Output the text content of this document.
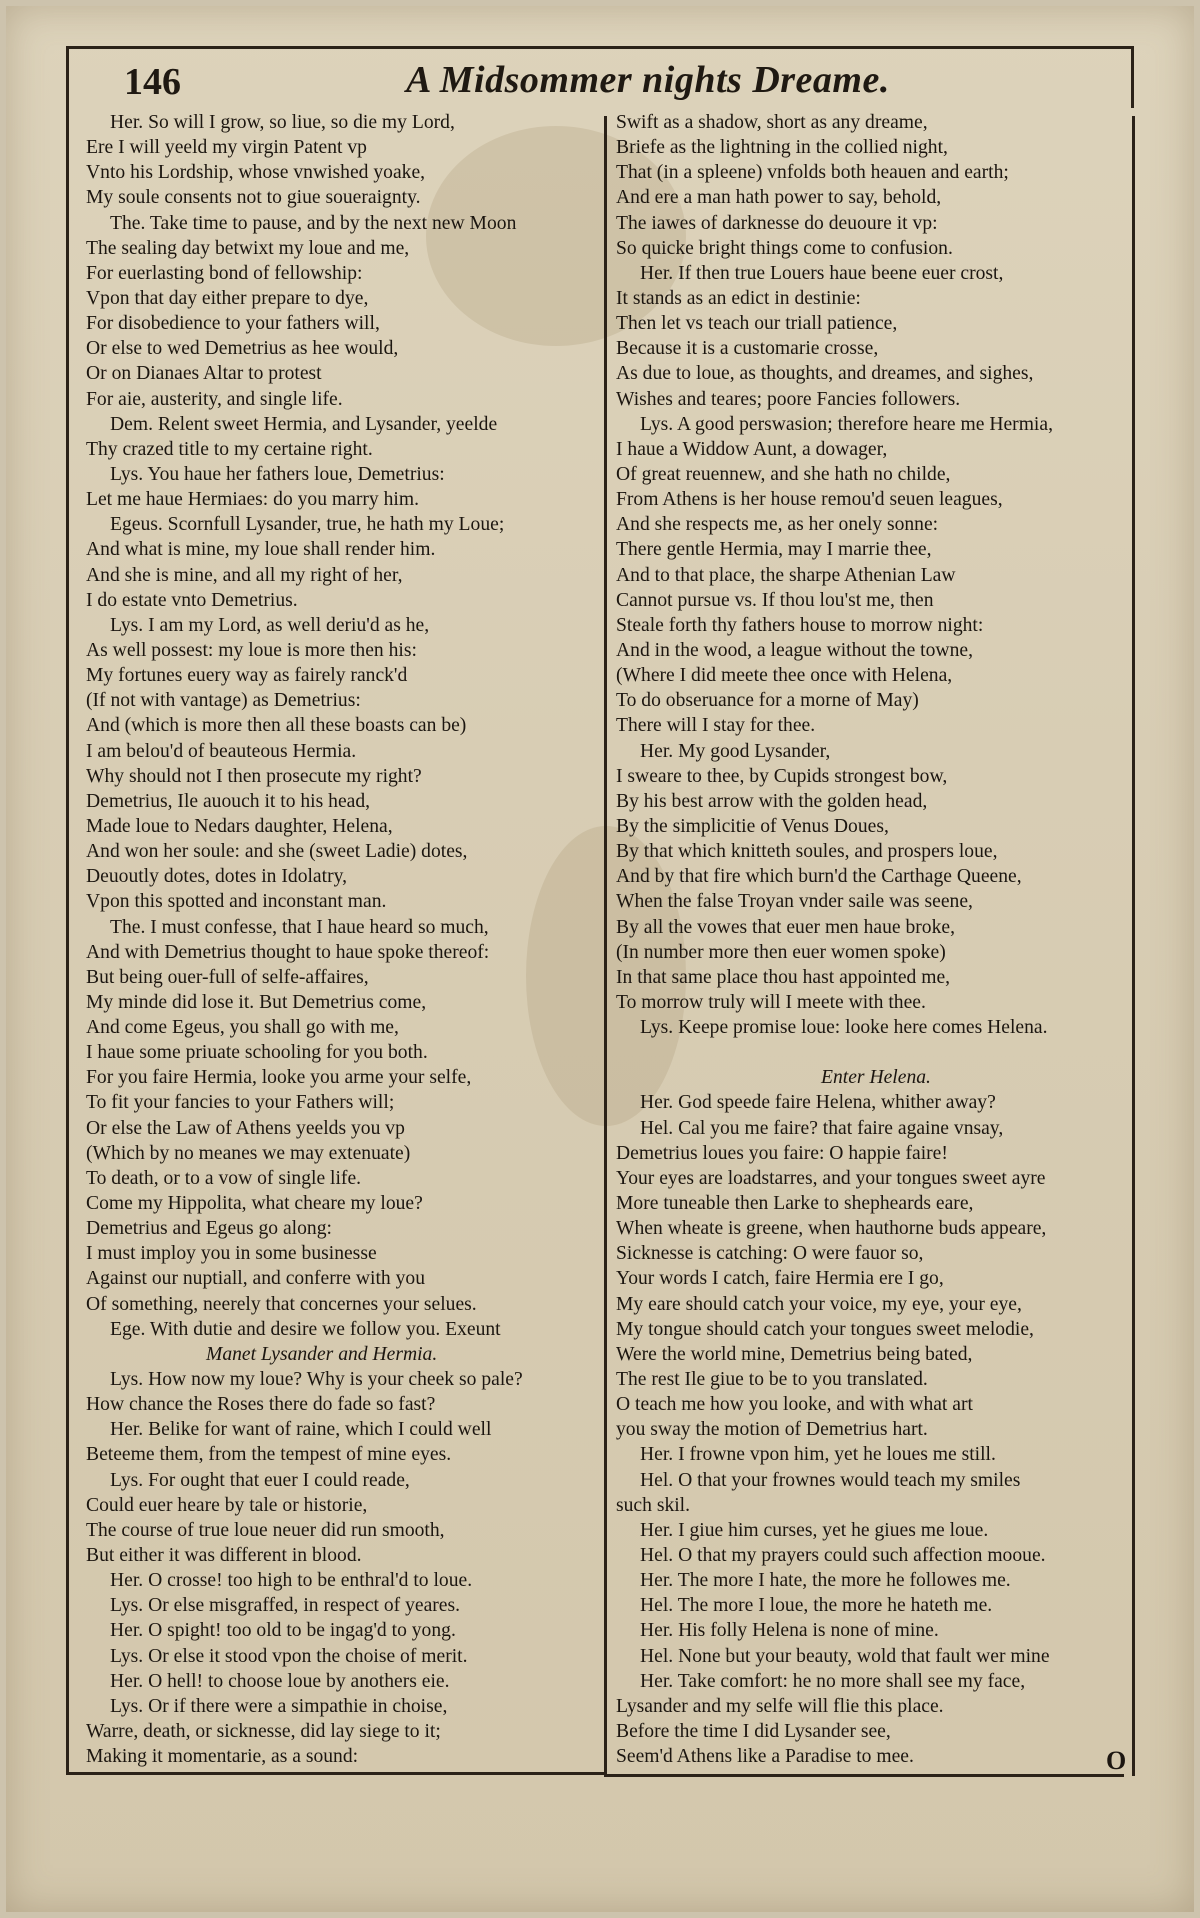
146	A Midsommer nights Dreame.
Her. So will I grow, so liue, so die my Lord,
Ere I will yeeld my virgin Patent vp
Vnto his Lordship, whose vnwished yoake,
My soule consents not to giue soueraignty.
The. Take time to pause, and by the next new Moon
The sealing day betwixt my loue and me,
For euerlasting bond of fellowship:
Vpon that day either prepare to dye,
For disobedience to your fathers will,
Or else to wed Demetrius as hee would,
Or on Dianaes Altar to protest
For aie, austerity, and single life.
Dem. Relent sweet Hermia, and Lysander, yeelde
Thy crazed title to my certaine right.
Lys. You haue her fathers loue, Demetrius:
Let me haue Hermiaes: do you marry him.
Egeus. Scornfull Lysander, true, he hath my Loue;
And what is mine, my loue shall render him.
And she is mine, and all my right of her,
I do estate vnto Demetrius.
Lys. I am my Lord, as well deriu'd as he,
As well possest: my loue is more then his:
My fortunes euery way as fairely ranck'd
(If not with vantage) as Demetrius:
And (which is more then all these boasts can be)
I am belou'd of beauteous Hermia.
Why should not I then prosecute my right?
Demetrius, Ile auouch it to his head,
Made loue to Nedars daughter, Helena,
And won her soule: and she (sweet Ladie) dotes,
Deuoutly dotes, dotes in Idolatry,
Vpon this spotted and inconstant man.
The. I must confesse, that I haue heard so much,
And with Demetrius thought to haue spoke thereof:
But being ouer-full of selfe-affaires,
My minde did lose it. But Demetrius come,
And come Egeus, you shall go with me,
I haue some priuate schooling for you both.
For you faire Hermia, looke you arme your selfe,
To fit your fancies to your Fathers will;
Or else the Law of Athens yeelds you vp
(Which by no meanes we may extenuate)
To death, or to a vow of single life.
Come my Hippolita, what cheare my loue?
Demetrius and Egeus go along:
I must imploy you in some businesse
Against our nuptiall, and conferre with you
Of something, neerely that concernes your selues.
Ege. With dutie and desire we follow you. Exeunt
Manet Lysander and Hermia.
Lys. How now my loue? Why is your cheek so pale?
How chance the Roses there do fade so fast?
Her. Belike for want of raine, which I could well
Beteeme them, from the tempest of mine eyes.
Lys. For ought that euer I could reade,
Could euer heare by tale or historie,
The course of true loue neuer did run smooth,
But either it was different in blood.
Her. O crosse! too high to be enthral'd to loue.
Lys. Or else misgraffed, in respect of yeares.
Her. O spight! too old to be ingag'd to yong.
Lys. Or else it stood vpon the choise of merit.
Her. O hell! to choose loue by anothers eie.
Lys. Or if there were a simpathie in choise,
Warre, death, or sicknesse, did lay siege to it;
Making it momentarie, as a sound:
Swift as a shadow, short as any dreame,
Briefe as the lightning in the collied night,
That (in a spleene) vnfolds both heauen and earth;
And ere a man hath power to say, behold,
The iawes of darknesse do deuoure it vp:
So quicke bright things come to confusion.
Her. If then true Louers haue beene euer crost,
It stands as an edict in destinie:
Then let vs teach our triall patience,
Because it is a customarie crosse,
As due to loue, as thoughts, and dreames, and sighes,
Wishes and teares; poore Fancies followers.
Lys. A good perswasion; therefore heare me Hermia,
I haue a Widdow Aunt, a dowager,
Of great reuennew, and she hath no childe,
From Athens is her house remou'd seuen leagues,
And she respects me, as her onely sonne:
There gentle Hermia, may I marrie thee,
And to that place, the sharpe Athenian Law
Cannot pursue vs. If thou lou'st me, then
Steale forth thy fathers house to morrow night:
And in the wood, a league without the towne,
(Where I did meete thee once with Helena,
To do obseruance for a morne of May)
There will I stay for thee.
Her. My good Lysander,
I sweare to thee, by Cupids strongest bow,
By his best arrow with the golden head,
By the simplicitie of Venus Doues,
By that which knitteth soules, and prospers loue,
And by that fire which burn'd the Carthage Queene,
When the false Troyan vnder saile was seene,
By all the vowes that euer men haue broke,
(In number more then euer women spoke)
In that same place thou hast appointed me,
To morrow truly will I meete with thee.
Lys. Keepe promise loue: looke here comes Helena.
Enter Helena.
Her. God speede faire Helena, whither away?
Hel. Cal you me faire? that faire againe vnsay,
Demetrius loues you faire: O happie faire!
Your eyes are loadstarres, and your tongues sweet ayre
More tuneable then Larke to shepheards eare,
When wheate is greene, when hauthorne buds appeare,
Sicknesse is catching: O were fauor so,
Your words I catch, faire Hermia ere I go,
My eare should catch your voice, my eye, your eye,
My tongue should catch your tongues sweet melodie,
Were the world mine, Demetrius being bated,
The rest Ile giue to be to you translated.
O teach me how you looke, and with what art
you sway the motion of Demetrius hart.
Her. I frowne vpon him, yet he loues me still.
Hel. O that your frownes would teach my smiles
such skil.
Her. I giue him curses, yet he giues me loue.
Hel. O that my prayers could such affection mooue.
Her. The more I hate, the more he followes me.
Hel. The more I loue, the more he hateth me.
Her. His folly Helena is none of mine.
Hel. None but your beauty, wold that fault wer mine
Her. Take comfort: he no more shall see my face,
Lysander and my selfe will flie this place.
Before the time I did Lysander see,
Seem'd Athens like a Paradise to mee.	O
